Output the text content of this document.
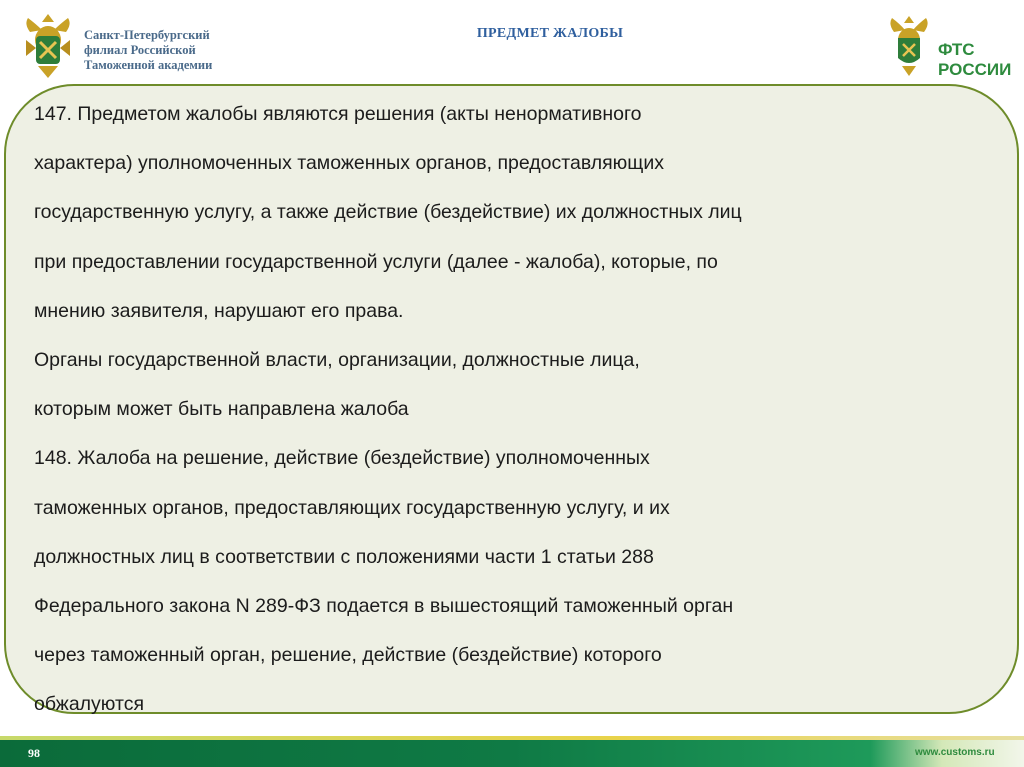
Санкт-Петербургский
филиал Российской
Таможенной академии
ПРЕДМЕТ ЖАЛОБЫ
ФТС
РОССИИ

147. Предметом жалобы являются решения (акты ненормативного

характера) уполномоченных таможенных органов, предоставляющих

государственную услугу, а также действие (бездействие) их должностных лиц

при предоставлении государственной услуги (далее - жалоба), которые, по

мнению заявителя, нарушают его права.

Органы государственной власти, организации, должностные лица,

которым может быть направлена жалоба

148. Жалоба на решение, действие (бездействие) уполномоченных

таможенных органов, предоставляющих государственную услугу, и их

должностных лиц в соответствии с положениями части 1 статьи 288

Федерального закона N 289-ФЗ подается в вышестоящий таможенный орган

через таможенный орган, решение, действие (бездействие) которого

обжалуются

98	www.customs.ru
